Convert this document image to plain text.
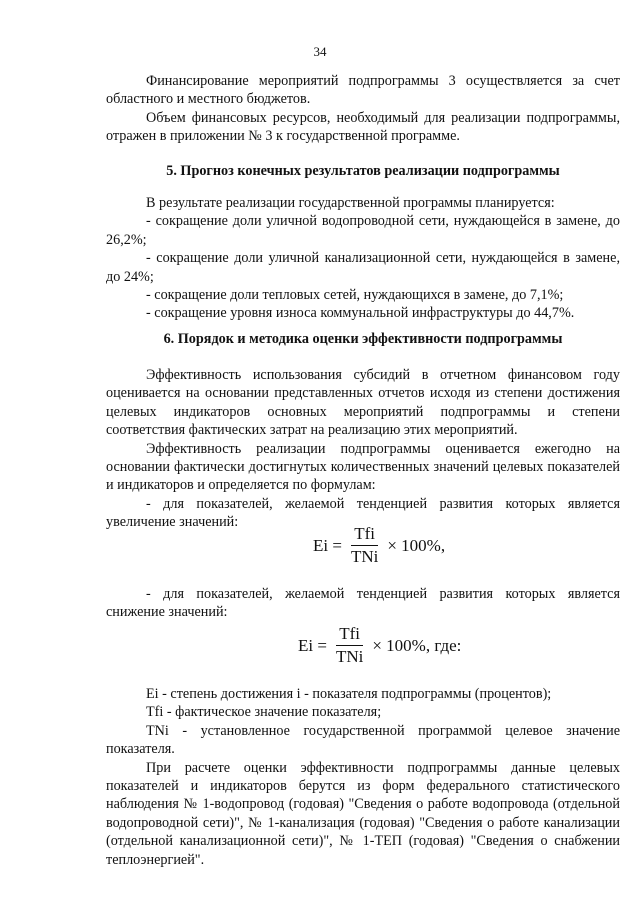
34

Финансирование мероприятий подпрограммы 3 осуществляется за счет областного и местного бюджетов.

Объем финансовых ресурсов, необходимый для реализации подпрограммы, отражен в приложении № 3 к государственной программе.

5. Прогноз конечных результатов реализации подпрограммы

В результате реализации государственной программы планируется:

- сокращение доли уличной водопроводной сети, нуждающейся в замене, до 26,2%;

- сокращение доли уличной канализационной сети, нуждающейся в замене, до 24%;

- сокращение доли тепловых сетей, нуждающихся в замене, до 7,1%;

- сокращение уровня износа коммунальной инфраструктуры до 44,7%.

6. Порядок и методика оценки эффективности подпрограммы

Эффективность использования субсидий в отчетном финансовом году оценивается на основании представленных отчетов исходя из степени достижения целевых индикаторов основных мероприятий подпрограммы и степени соответствия фактических затрат на реализацию этих мероприятий.

Эффективность реализации подпрограммы оценивается ежегодно на основании фактически достигнутых количественных значений целевых показателей и индикаторов и определяется по формулам:

- для показателей, желаемой тенденцией развития которых является увеличение значений:

$Ei = \frac{\text{Tfi}}{\text{TNi}} \times 100\%$,

- для показателей, желаемой тенденцией развития которых является снижение значений:

$Ei = \frac{\text{Tfi}}{\text{TNi}} \times 100\%$, где:

Ei - степень достижения i - показателя подпрограммы (процентов);

Tfi - фактическое значение показателя;

TNi - установленное государственной программой целевое значение показателя.

При расчете оценки эффективности подпрограммы данные целевых показателей и индикаторов берутся из форм федерального статистического наблюдения № 1-водопровод (годовая) "Сведения о работе водопровода (отдельной водопроводной сети)", № 1-канализация (годовая) "Сведения о работе канализации (отдельной канализационной сети)", № 1-ТЕП (годовая) "Сведения о снабжении теплоэнергией".
